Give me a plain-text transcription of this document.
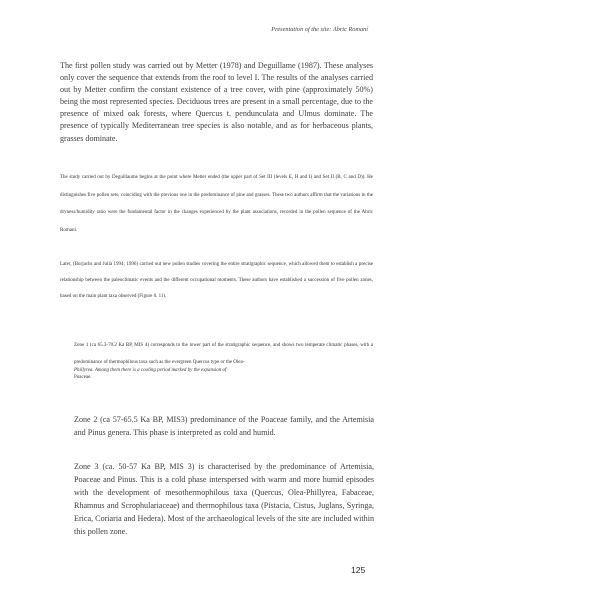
Presentation of the site: Abric Romaní

The first pollen study was carried out by Metter (1978) and Deguillame (1987). These analyses only cover the sequence that extends from the roof to level I. The results of the analyses carried out by Metter confirm the constant existence of a tree cover, with pine (approximately 50%) being the most represented species. Deciduous trees are present in a small percentage, due to the presence of mixed oak forests, where Quercus t. pendunculata and Ulmus dominate. The presence of typically Mediterranean tree species is also notable, and as for herbaceous plants, grasses dominate.

The study carried out by Deguillaume begins at the point where Metter ended (the upper part of Set III (levels E, H and I) and Set II (B, C and D)). He distinguishes five pollen sets, coinciding with the previous one in the predominance of pine and grasses. These two authors affirm that the variations in the dryness/humidity ratio were the fundamental factor in the changes experienced by the plant associations, recorded in the pollen sequence of the Abric Romaní.

Later, (Burjachs and Julià 1994; 1996) carried out new pollen studies covering the entire stratigraphic sequence, which allowed them to establish a precise relationship between the paleoclimatic events and the different occupational moments. These authors have established a succession of five pollen zones, based on the main plant taxa observed (Figure 6. 11).

Zone 1 (ca 65.3-70.2 Ka BP, MIS 4) corresponds to the lower part of the stratigraphic sequence, and shows two temperate climatic phases, with a predominance of thermophilous taxa such as the evergreen Quercus type or the Olea-

Phillyrea. Among them there is a cooling period marked by the expansion of
Poaceae.

Zone 2 (ca 57-65.5 Ka BP, MIS3) predominance of the Poaceae family, and the Artemisia and Pinus genera. This phase is interpreted as cold and humid.

Zone 3 (ca. 50-57 Ka BP, MIS 3) is characterised by the predominance of Artemisia, Poaceae and Pinus. This is a cold phase interspersed with warm and more humid episodes with the development of mesothermophilous taxa (Quercus, Olea-Phillyrea, Fabaceae, Rhamnus and Scrophulariaceae) and thermophilous taxa (Pistacia, Cistus, Juglans, Syringa, Erica, Coriaria and Hedera). Most of the archaeological levels of the site are included within this pollen zone.

125
